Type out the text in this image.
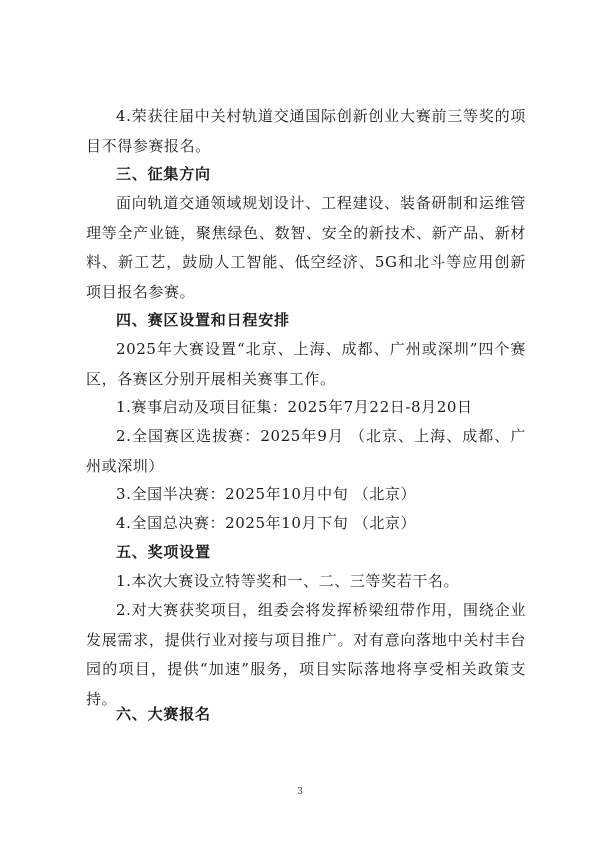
4.荣获往届中关村轨道交通国际创新创业大赛前三等奖的项目不得参赛报名。

三、征集方向

面向轨道交通领域规划设计、工程建设、装备研制和运维管理等全产业链，聚焦绿色、数智、安全的新技术、新产品、新材料、新工艺，鼓励人工智能、低空经济、5G和北斗等应用创新项目报名参赛。

四、赛区设置和日程安排

2025年大赛设置“北京、上海、成都、广州或深圳”四个赛区，各赛区分别开展相关赛事工作。

1.赛事启动及项目征集：2025年7月22日-8月20日

2.全国赛区选拔赛：2025年9月 （北京、上海、成都、广州或深圳）

3.全国半决赛：2025年10月中旬 （北京）

4.全国总决赛：2025年10月下旬 （北京）

五、奖项设置

1.本次大赛设立特等奖和一、二、三等奖若干名。

2.对大赛获奖项目，组委会将发挥桥梁纽带作用，围绕企业发展需求，提供行业对接与项目推广。对有意向落地中关村丰台园的项目，提供“加速”服务，项目实际落地将享受相关政策支持。

六、大赛报名
3
